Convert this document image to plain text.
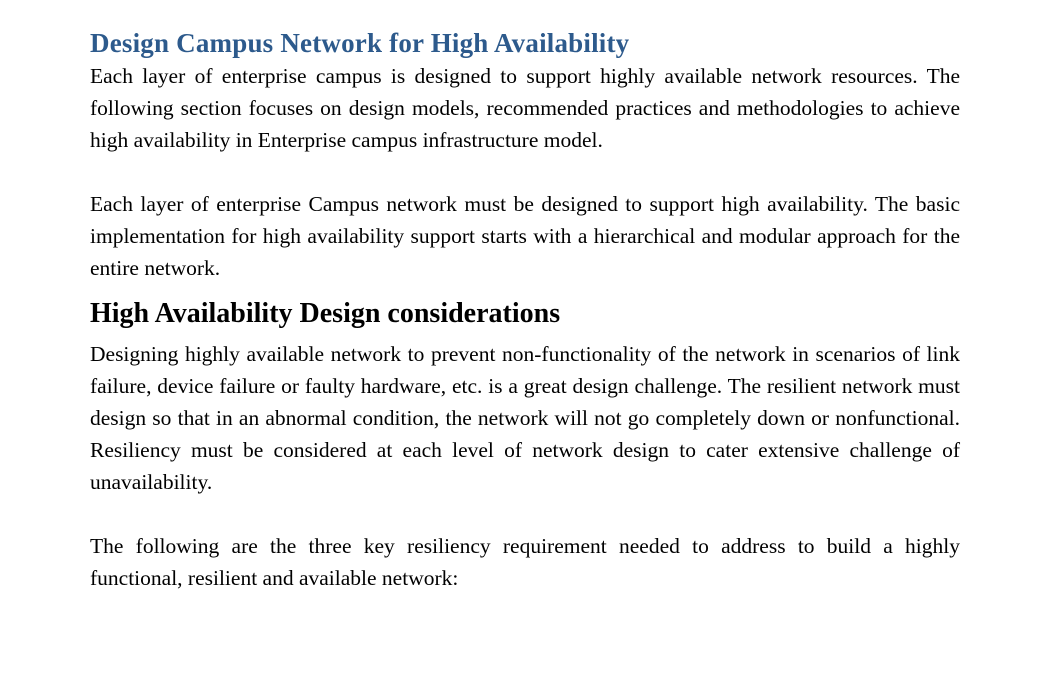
Design Campus Network for High Availability

Each layer of enterprise campus is designed to support highly available network resources. The following section focuses on design models, recommended practices and methodologies to achieve high availability in Enterprise campus infrastructure model.

Each layer of enterprise Campus network must be designed to support high availability. The basic implementation for high availability support starts with a hierarchical and modular approach for the entire network.

High Availability Design considerations

Designing highly available network to prevent non-functionality of the network in scenarios of link failure, device failure or faulty hardware, etc. is a great design challenge. The resilient network must design so that in an abnormal condition, the network will not go completely down or nonfunctional. Resiliency must be considered at each level of network design to cater extensive challenge of unavailability.

The following are the three key resiliency requirement needed to address to build a highly functional, resilient and available network:
